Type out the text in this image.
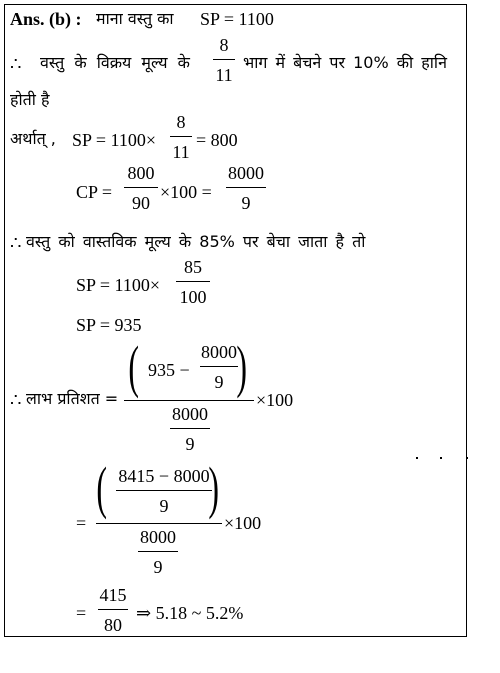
Ans. (b) : माना वस्तु का SP = 1100
∴ वस्तु के विक्रय मूल्य के
8
11
भाग में बेचने पर 10% की हानि
होती है
अर्थात् , SP = 1100×
8
11
= 800
CP =
800
90
×100 =
8000
9
∴ वस्तु को वास्तविक मूल्य के 85% पर बेचा जाता है तो
SP = 1100×
85
100
SP = 935
∴ लाभ प्रतिशत = ( 935 −
8000
9 )
×100
8000
9
=
( 8415 − 8000
9 )
×100
8000
9
=
415
80
⇒ 5.18 ~ 5.2%
